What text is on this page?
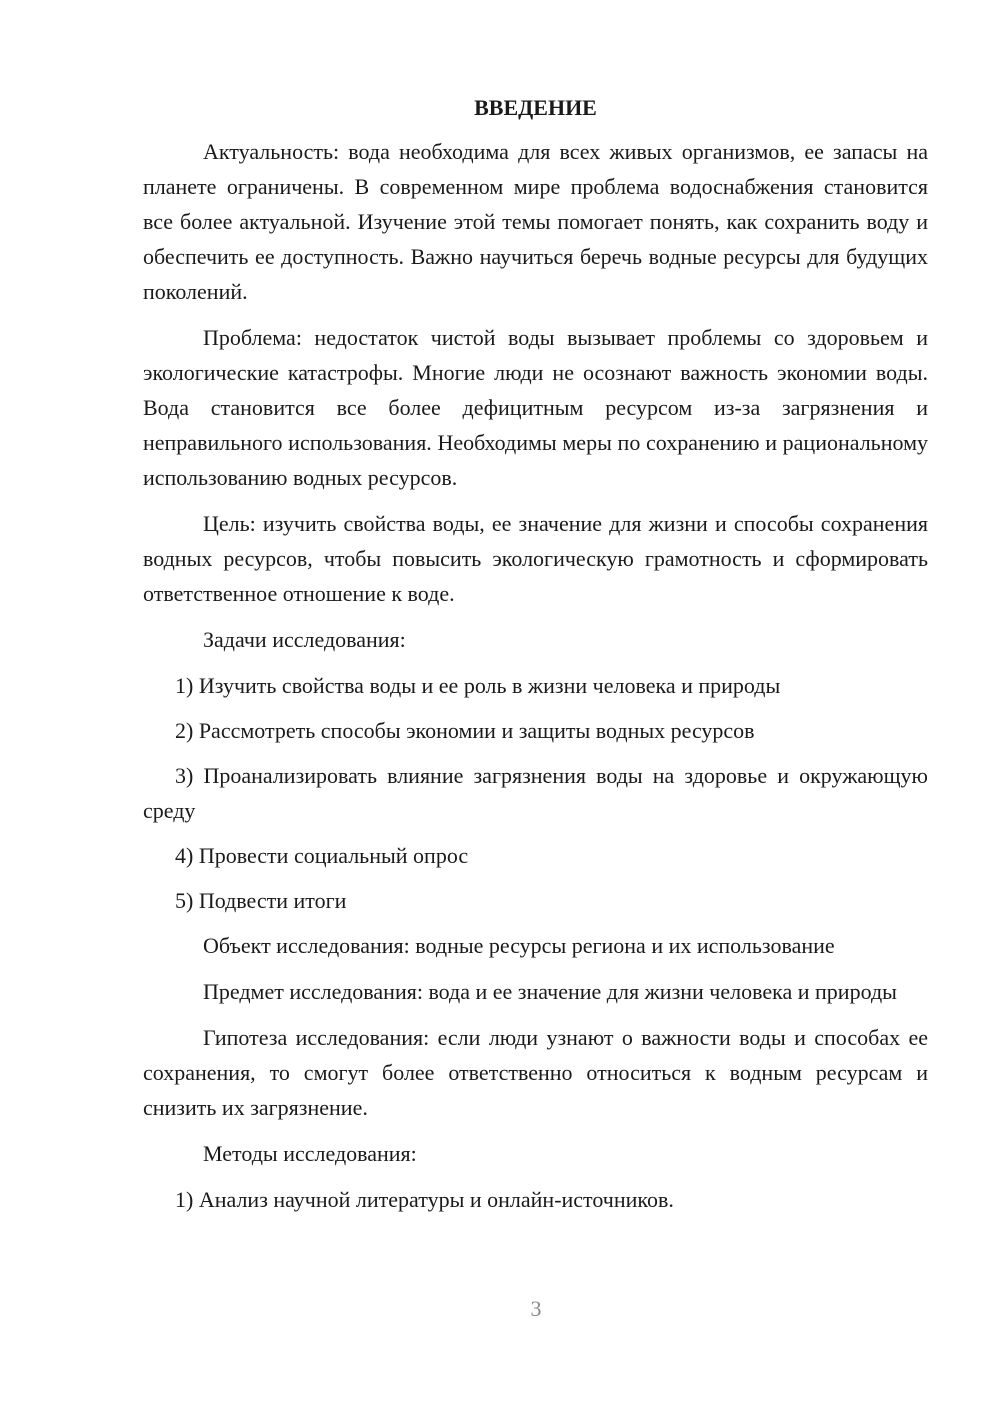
ВВЕДЕНИЕ

Актуальность: вода необходима для всех живых организмов, ее запасы на планете ограничены. В современном мире проблема водоснабжения становится все более актуальной. Изучение этой темы помогает понять, как сохранить воду и обеспечить ее доступность. Важно научиться беречь водные ресурсы для будущих поколений.

Проблема: недостаток чистой воды вызывает проблемы со здоровьем и экологические катастрофы. Многие люди не осознают важность экономии воды. Вода становится все более дефицитным ресурсом из-за загрязнения и неправильного использования. Необходимы меры по сохранению и рациональному использованию водных ресурсов.

Цель: изучить свойства воды, ее значение для жизни и способы сохранения водных ресурсов, чтобы повысить экологическую грамотность и сформировать ответственное отношение к воде.

Задачи исследования:

1) Изучить свойства воды и ее роль в жизни человека и природы

2) Рассмотреть способы экономии и защиты водных ресурсов

3) Проанализировать влияние загрязнения воды на здоровье и окружающую среду

4) Провести социальный опрос

5) Подвести итоги

Объект исследования: водные ресурсы региона и их использование

Предмет исследования: вода и ее значение для жизни человека и природы

Гипотеза исследования: если люди узнают о важности воды и способах ее сохранения, то смогут более ответственно относиться к водным ресурсам и снизить их загрязнение.

Методы исследования:

1) Анализ научной литературы и онлайн-источников.

3
